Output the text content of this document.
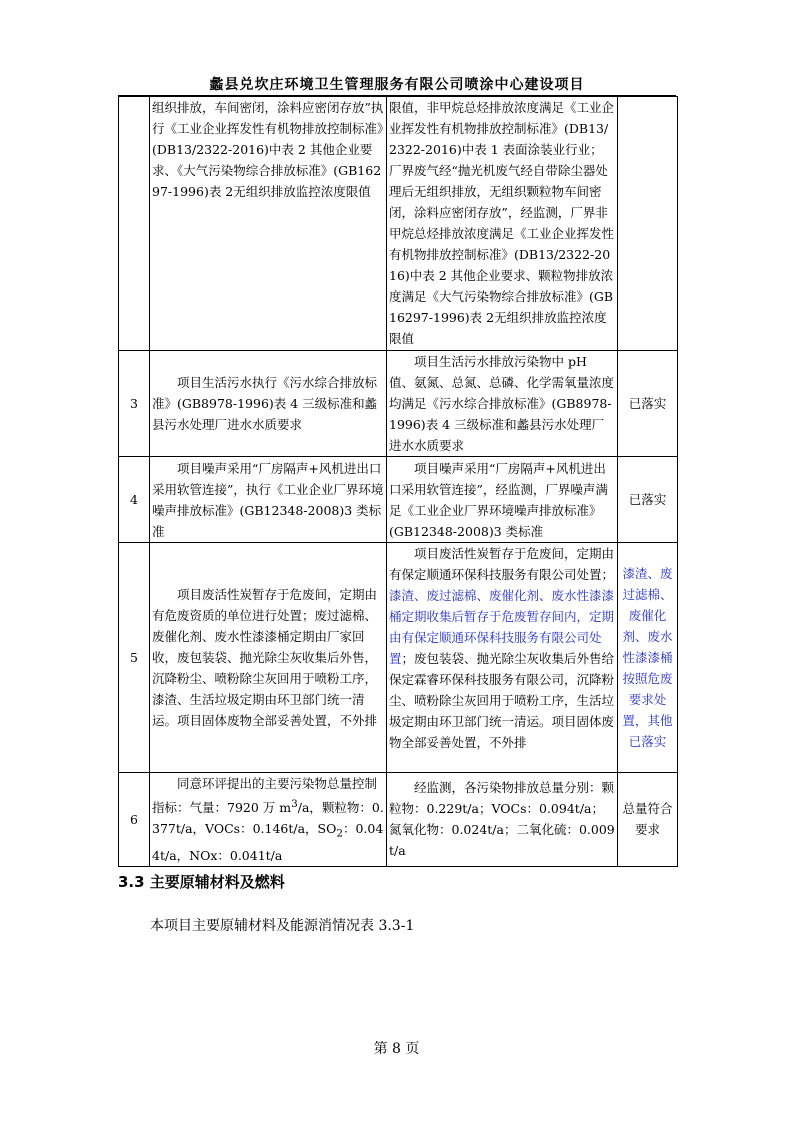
蠡县兑坎庄环境卫生管理服务有限公司喷涂中心建设项目
	组织排放，车间密闭，涂料应密闭存放”执行《工业企业挥发性有机物排放控制标准》(DB13/2322-2016)中表 2 其他企业要求、《大气污染物综合排放标准》(GB16297-1996)表 2无组织排放监控浓度限值	限值，非甲烷总烃排放浓度满足《工业企业挥发性有机物排放控制标准》(DB13/2322-2016)中表 1 表面涂装业行业；厂界废气经“抛光机废气经自带除尘器处理后无组织排放，无组织颗粒物车间密闭，涂料应密闭存放”，经监测，厂界非甲烷总烃排放浓度满足《工业企业挥发性有机物排放控制标准》(DB13/2322-2016)中表 2 其他企业要求、颗粒物排放浓度满足《大气污染物综合排放标准》(GB16297-1996)表 2无组织排放监控浓度限值	
3	项目生活污水执行《污水综合排放标准》(GB8978-1996)表 4 三级标准和蠡县污水处理厂进水水质要求	项目生活污水排放污染物中 pH 值、氨氮、总氮、总磷、化学需氧量浓度均满足《污水综合排放标准》(GB8978-1996)表 4 三级标准和蠡县污水处理厂进水水质要求	已落实
4	项目噪声采用“厂房隔声+风机进出口采用软管连接”，执行《工业企业厂界环境噪声排放标准》(GB12348-2008)3 类标准	项目噪声采用“厂房隔声+风机进出口采用软管连接”，经监测，厂界噪声满足《工业企业厂界环境噪声排放标准》(GB12348-2008)3 类标准	已落实
5	项目废活性炭暂存于危废间，定期由有危废资质的单位进行处置；废过滤棉、废催化剂、废水性漆漆桶定期由厂家回收，废包装袋、抛光除尘灰收集后外售，沉降粉尘、喷粉除尘灰回用于喷粉工序，漆渣、生活垃圾定期由环卫部门统一清运。项目固体废物全部妥善处置，不外排	项目废活性炭暂存于危废间，定期由有保定顺通环保科技服务有限公司处置；漆渣、废过滤棉、废催化剂、废水性漆漆桶定期收集后暂存于危废暂存间内，定期由有保定顺通环保科技服务有限公司处置；废包装袋、抛光除尘灰收集后外售给保定霖睿环保科技服务有限公司，沉降粉尘、喷粉除尘灰回用于喷粉工序，生活垃圾定期由环卫部门统一清运。项目固体废物全部妥善处置，不外排	漆渣、废过滤棉、废催化剂、废水性漆漆桶按照危废要求处置，其他已落实
6	同意环评提出的主要污染物总量控制指标：气量：7920 万 $m^3/a$，颗粒物：0.377t/a，VOCs：0.146t/a，$SO_2$：0.044t/a，NOx：0.041t/a	经监测，各污染物排放总量分别：颗粒物：0.229t/a；VOCs：0.094t/a；氮氧化物：0.024t/a；二氧化硫：0.009t/a	总量符合要求
3.3 主要原辅材料及燃料
本项目主要原辅材料及能源消情况表 3.3-1
第 8 页
